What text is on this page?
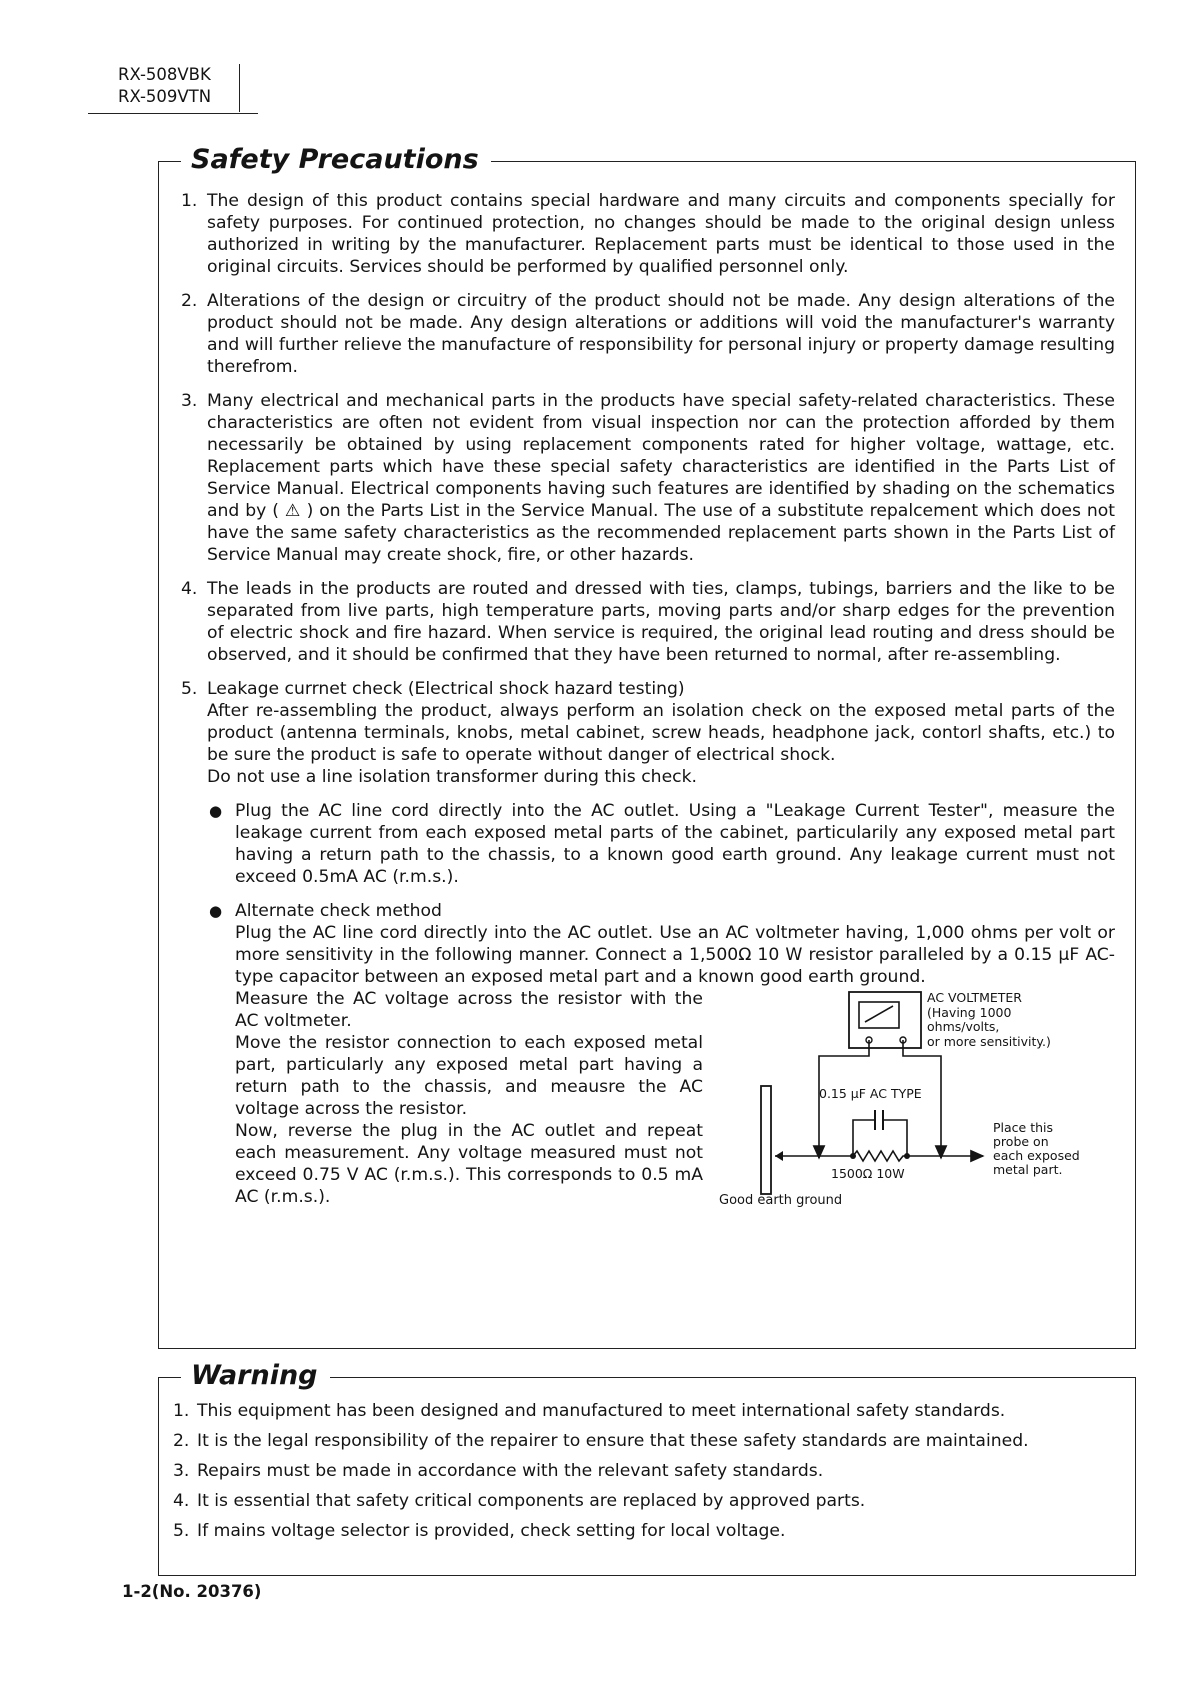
RX-508VBK
RX-509VTN
Safety Precautions
1. The design of this product contains special hardware and many circuits and components specially for safety purposes. For continued protection, no changes should be made to the original design unless authorized in writing by the manufacturer. Replacement parts must be identical to those used in the original circuits. Services should be performed by qualified personnel only.
2. Alterations of the design or circuitry of the product should not be made. Any design alterations of the product should not be made. Any design alterations or additions will void the manufacturer's warranty and will further relieve the manufacture of responsibility for personal injury or property damage resulting therefrom.
3. Many electrical and mechanical parts in the products have special safety-related characteristics. These characteristics are often not evident from visual inspection nor can the protection afforded by them necessarily be obtained by using replacement components rated for higher voltage, wattage, etc. Replacement parts which have these special safety characteristics are identified in the Parts List of Service Manual. Electrical components having such features are identified by shading on the schematics and by ( ⚠ ) on the Parts List in the Service Manual. The use of a substitute repalcement which does not have the same safety characteristics as the recommended replacement parts shown in the Parts List of Service Manual may create shock, fire, or other hazards.
4. The leads in the products are routed and dressed with ties, clamps, tubings, barriers and the like to be separated from live parts, high temperature parts, moving parts and/or sharp edges for the prevention of electric shock and fire hazard. When service is required, the original lead routing and dress should be observed, and it should be confirmed that they have been returned to normal, after re-assembling.
5. Leakage currnet check (Electrical shock hazard testing)
After re-assembling the product, always perform an isolation check on the exposed metal parts of the product (antenna terminals, knobs, metal cabinet, screw heads, headphone jack, contorl shafts, etc.) to be sure the product is safe to operate without danger of electrical shock.
Do not use a line isolation transformer during this check.
● Plug the AC line cord directly into the AC outlet. Using a "Leakage Current Tester", measure the leakage current from each exposed metal parts of the cabinet, particularily any exposed metal part having a return path to the chassis, to a known good earth ground. Any leakage current must not exceed 0.5mA AC (r.m.s.).
● Alternate check method
Plug the AC line cord directly into the AC outlet. Use an AC voltmeter having, 1,000 ohms per volt or more sensitivity in the following manner. Connect a 1,500Ω 10 W resistor paralleled by a 0.15 μF AC-type capacitor between an exposed metal part and a known good earth ground.
Measure the AC voltage across the resistor with the AC voltmeter.
Move the resistor connection to each exposed metal part, particularly any exposed metal part having a return path to the chassis, and meausre the AC voltage across the resistor.
Now, reverse the plug in the AC outlet and repeat each measurement. Any voltage measured must not exceed 0.75 V AC (r.m.s.). This corresponds to 0.5 mA AC (r.m.s.).
AC VOLTMETER
(Having 1000
ohms/volts,
or more sensitivity.)
0.15 μF AC TYPE
1500Ω 10W
Good earth ground
Place this
probe on
each exposed
metal part.
Warning
1. This equipment has been designed and manufactured to meet international safety standards.
2. It is the legal responsibility of the repairer to ensure that these safety standards are maintained.
3. Repairs must be made in accordance with the relevant safety standards.
4. It is essential that safety critical components are replaced by approved parts.
5. If mains voltage selector is provided, check setting for local voltage.
1-2(No. 20376)
